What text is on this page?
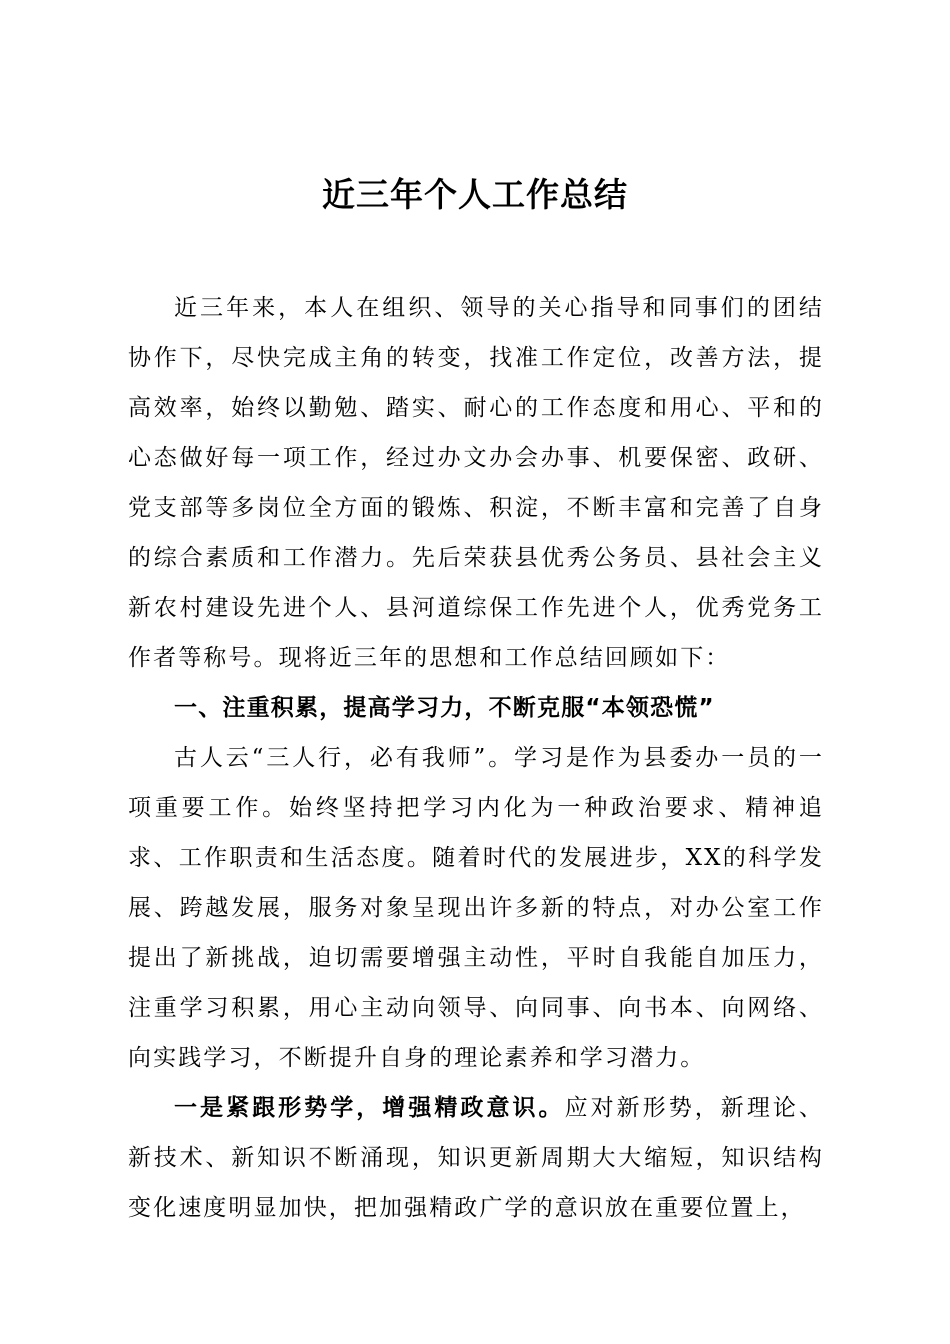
近三年个人工作总结

近三年来，本人在组织、领导的关心指导和同事们的团结协作下，尽快完成主角的转变，找准工作定位，改善方法，提高效率，始终以勤勉、踏实、耐心的工作态度和用心、平和的心态做好每一项工作，经过办文办会办事、机要保密、政研、党支部等多岗位全方面的锻炼、积淀，不断丰富和完善了自身的综合素质和工作潜力。先后荣获县优秀公务员、县社会主义新农村建设先进个人、县河道综保工作先进个人，优秀党务工作者等称号。现将近三年的思想和工作总结回顾如下：

一、注重积累，提高学习力，不断克服“本领恐慌”

古人云“三人行，必有我师”。学习是作为县委办一员的一项重要工作。始终坚持把学习内化为一种政治要求、精神追求、工作职责和生活态度。随着时代的发展进步，XX的科学发展、跨越发展，服务对象呈现出许多新的特点，对办公室工作提出了新挑战，迫切需要增强主动性，平时自我能自加压力，注重学习积累，用心主动向领导、向同事、向书本、向网络、向实践学习，不断提升自身的理论素养和学习潜力。

一是紧跟形势学，增强精政意识。应对新形势，新理论、新技术、新知识不断涌现，知识更新周期大大缩短，知识结构变化速度明显加快，把加强精政广学的意识放在重要位置上，
